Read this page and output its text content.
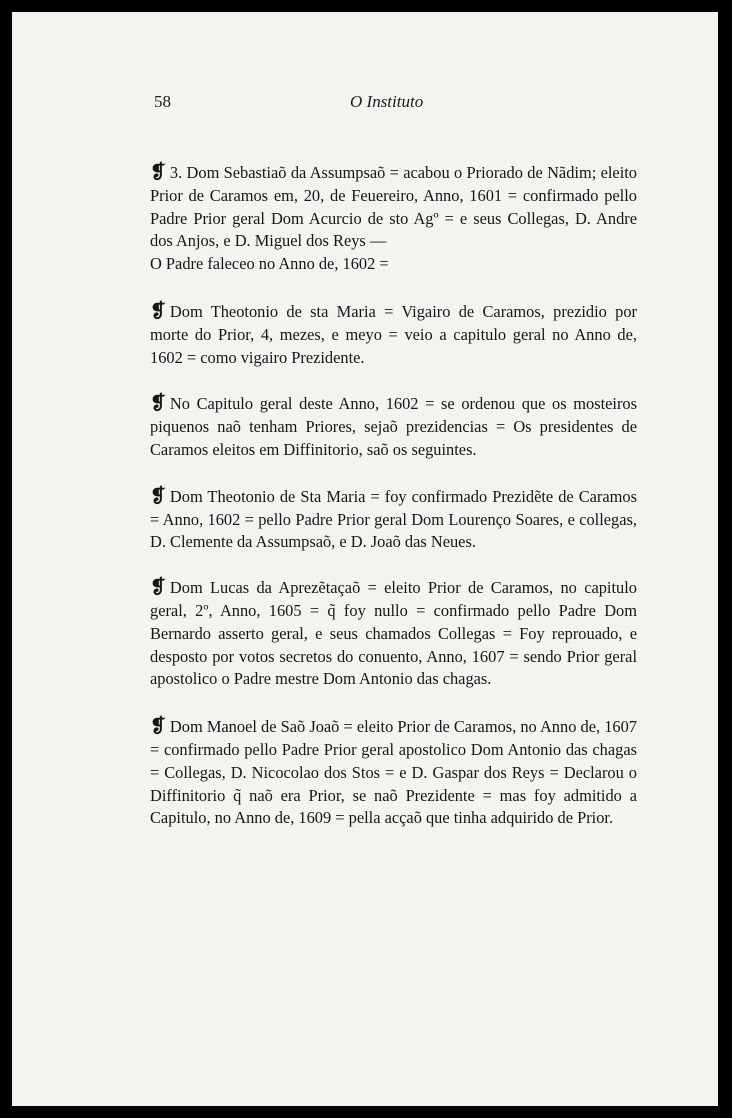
58	O Instituto

❡ 3. Dom Sebastiaõ da Assumpsaõ = acabou o Priorado de Nãdim; eleito Prior de Caramos em, 20, de Feuereiro, Anno, 1601 = confirmado pello Padre Prior geral Dom Acurcio de sto Agº = e seus Collegas, D. Andre dos Anjos, e D. Miguel dos Reys —
O Padre faleceo no Anno de, 1602 =

❡ Dom Theotonio de sta Maria = Vigairo de Caramos, prezidio por morte do Prior, 4, mezes, e meyo = veio a capitulo geral no Anno de, 1602 = como vigairo Prezidente.

❡ No Capitulo geral deste Anno, 1602 = se ordenou que os mosteiros piquenos naõ tenham Priores, sejaõ prezidencias = Os presidentes de Caramos eleitos em Diffinitorio, saõ os seguintes.

❡ Dom Theotonio de Sta Maria = foy confirmado Prezidẽte de Caramos = Anno, 1602 = pello Padre Prior geral Dom Lourenço Soares, e collegas, D. Clemente da Assumpsaõ, e D. Joaõ das Neues.

❡ Dom Lucas da Aprezẽtaçaõ = eleito Prior de Caramos, no capitulo geral, 2º, Anno, 1605 = q̃ foy nullo = confirmado pello Padre Dom Bernardo asserto geral, e seus chamados Collegas = Foy reprouado, e desposto por votos secretos do conuento, Anno, 1607 = sendo Prior geral apostolico o Padre mestre Dom Antonio das chagas.

❡ Dom Manoel de Saõ Joaõ = eleito Prior de Caramos, no Anno de, 1607 = confirmado pello Padre Prior geral apostolico Dom Antonio das chagas = Collegas, D. Nicocolao dos Stos = e D. Gaspar dos Reys = Declarou o Diffinitorio q̃ naõ era Prior, se naõ Prezidente = mas foy admitido a Capitulo, no Anno de, 1609 = pella acçaõ que tinha adquirido de Prior.
